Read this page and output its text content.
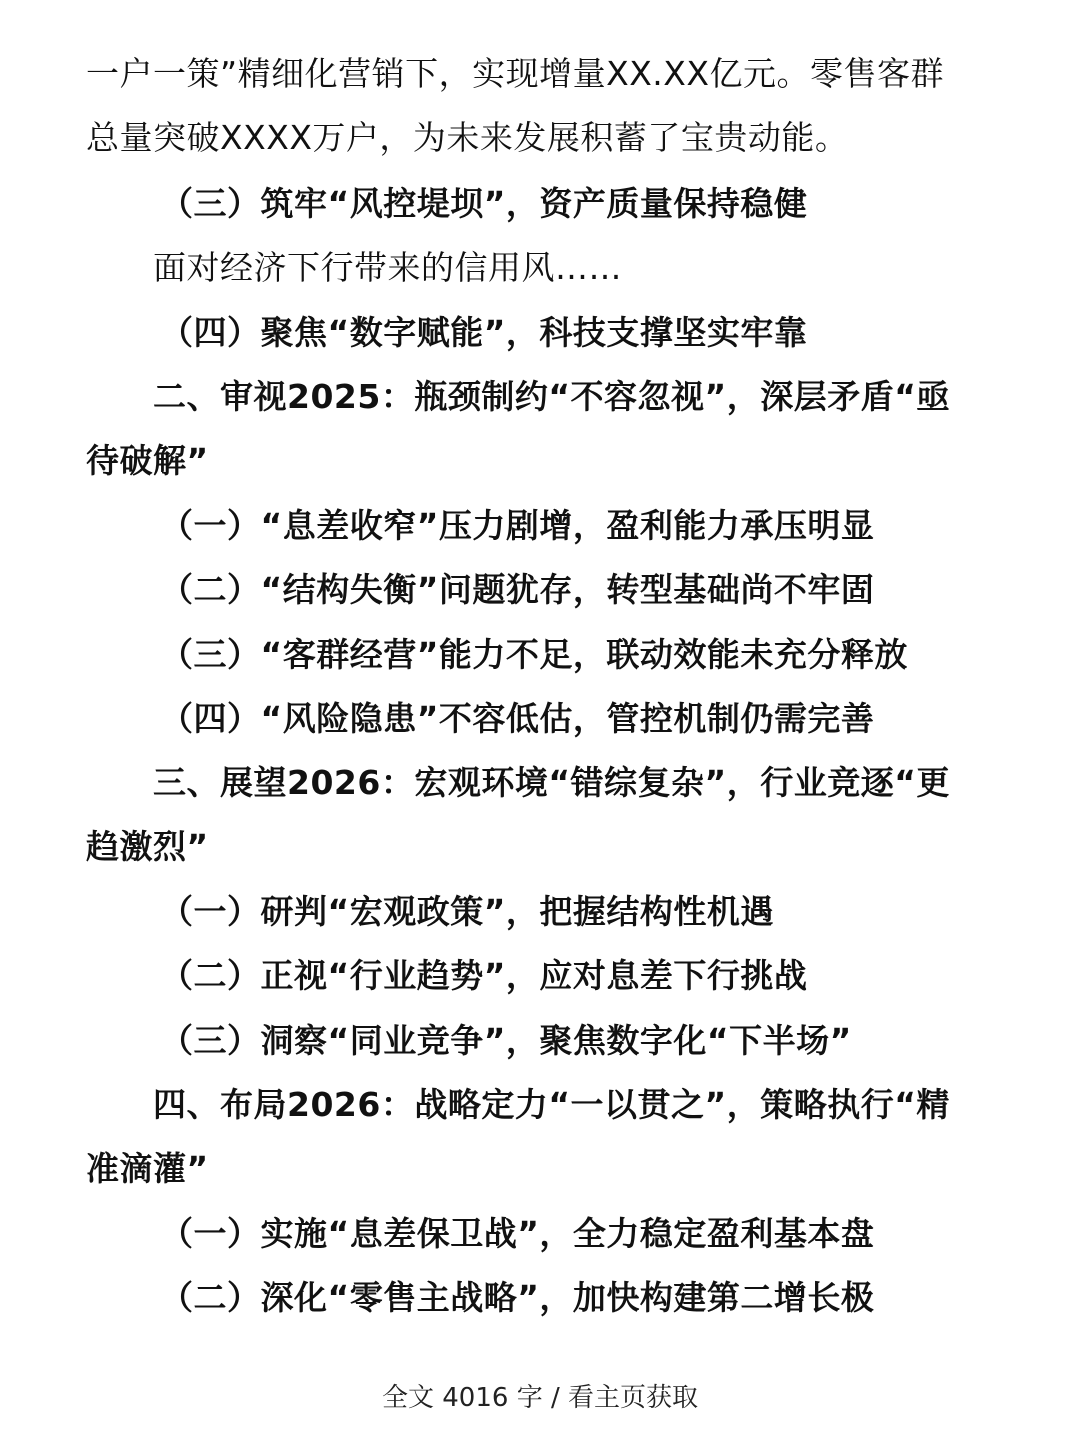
一户一策”精细化营销下，实现增量XX.XX亿元。零售客群
总量突破XXXX万户，为未来发展积蓄了宝贵动能。
（三）筑牢“风控堤坝”，资产质量保持稳健
面对经济下行带来的信用风……
（四）聚焦“数字赋能”，科技支撑坚实牢靠
二、审视2025：瓶颈制约“不容忽视”，深层矛盾“亟
待破解”
（一）“息差收窄”压力剧增，盈利能力承压明显
（二）“结构失衡”问题犹存，转型基础尚不牢固
（三）“客群经营”能力不足，联动效能未充分释放
（四）“风险隐患”不容低估，管控机制仍需完善
三、展望2026：宏观环境“错综复杂”，行业竞逐“更
趋激烈”
（一）研判“宏观政策”，把握结构性机遇
（二）正视“行业趋势”，应对息差下行挑战
（三）洞察“同业竞争”，聚焦数字化“下半场”
四、布局2026：战略定力“一以贯之”，策略执行“精
准滴灌”
（一）实施“息差保卫战”，全力稳定盈利基本盘
（二）深化“零售主战略”，加快构建第二增长极
全文 4016 字 / 看主页获取
